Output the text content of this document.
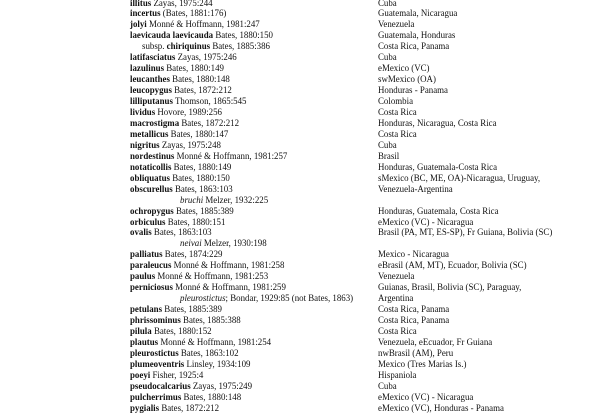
illitus Zayas, 1975:244	Cuba
incertus (Bates, 1881:176)	Guatemala, Nicaragua
jolyi Monné & Hoffmann, 1981:247	Venezuela
laevicauda laevicauda Bates, 1880:150	Guatemala, Honduras
subsp. chiriquinus Bates, 1885:386	Costa Rica, Panama
latifasciatus Zayas, 1975:246	Cuba
lazulinus Bates, 1880:149	eMexico (VC)
leucanthes Bates, 1880:148	swMexico (OA)
leucopygus Bates, 1872:212	Honduras - Panama
lilliputanus Thomson, 1865:545	Colombia
lividus Hovore, 1989:256	Costa Rica
macrostigma Bates, 1872:212	Honduras, Nicaragua, Costa Rica
metallicus Bates, 1880:147	Costa Rica
nigritus Zayas, 1975:248	Cuba
nordestinus Monné & Hoffmann, 1981:257	Brasil
notaticollis Bates, 1880:149	Honduras, Guatemala-Costa Rica
obliquatus Bates, 1880:150	sMexico (BC, ME, OA)-Nicaragua, Uruguay,
obscurellus Bates, 1863:103	Venezuela-Argentina
bruchi Melzer, 1932:225
ochropygus Bates, 1885:389	Honduras, Guatemala, Costa Rica
orbiculus Bates, 1880:151	eMexico (VC) - Nicaragua
ovalis Bates, 1863:103	Brasil (PA, MT, ES-SP), Fr Guiana, Bolivia (SC)
neivai Melzer, 1930:198
palliatus Bates, 1874:229	Mexico - Nicaragua
paraleucus Monné & Hoffmann, 1981:258	eBrasil (AM, MT), Ecuador, Bolivia (SC)
paulus Monné & Hoffmann, 1981:253	Venezuela
perniciosus Monné & Hoffmann, 1981:259	Guianas, Brasil, Bolivia (SC), Paraguay,
pleurostictus; Bondar, 1929:85 (not Bates, 1863)	Argentina
petulans Bates, 1885:389	Costa Rica, Panama
phrissominus Bates, 1885:388	Costa Rica, Panama
pilula Bates, 1880:152	Costa Rica
plautus Monné & Hoffmann, 1981:254	Venezuela, eEcuador, Fr Guiana
pleurostictus Bates, 1863:102	nwBrasil (AM), Peru
plumeoventris Linsley, 1934:109	Mexico (Tres Marias Is.)
poeyi Fisher, 1925:4	Hispaniola
pseudocalcarius Zayas, 1975:249	Cuba
pulcherrimus Bates, 1880:148	eMexico (VC) - Nicaragua
pygialis Bates, 1872:212	eMexico (VC), Honduras - Panama
